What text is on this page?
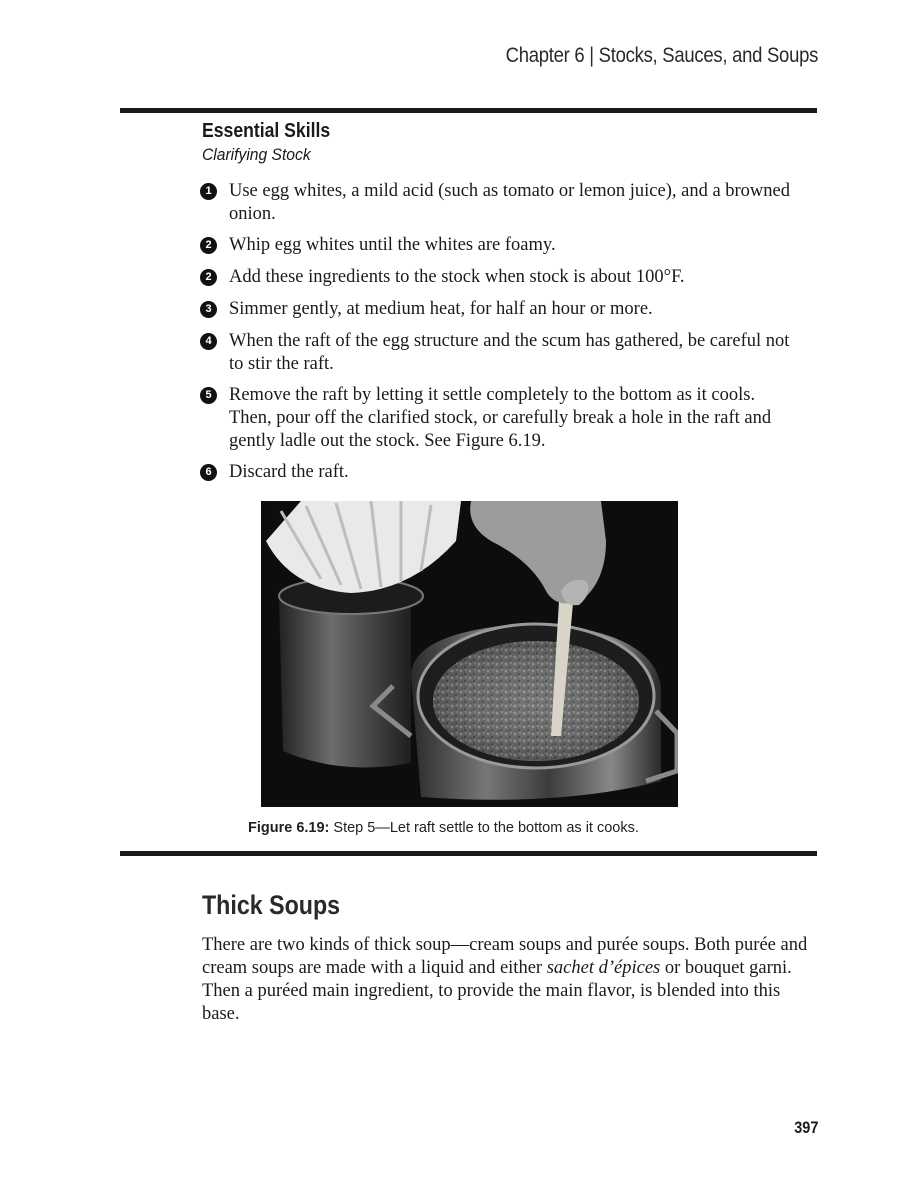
Chapter 6 | Stocks, Sauces, and Soups
Essential Skills
Clarifying Stock
1 Use egg whites, a mild acid (such as tomato or lemon juice), and a browned onion.
2 Whip egg whites until the whites are foamy.
2 Add these ingredients to the stock when stock is about 100°F.
3 Simmer gently, at medium heat, for half an hour or more.
4 When the raft of the egg structure and the scum has gathered, be careful not to stir the raft.
5 Remove the raft by letting it settle completely to the bottom as it cools. Then, pour off the clarified stock, or carefully break a hole in the raft and gently ladle out the stock. See Figure 6.19.
6 Discard the raft.
Figure 6.19: Step 5—Let raft settle to the bottom as it cooks.
Thick Soups

There are two kinds of thick soup—cream soups and purée soups. Both purée and cream soups are made with a liquid and either sachet d’épices or bouquet garni. Then a puréed main ingredient, to provide the main flavor, is blended into this base.

397
